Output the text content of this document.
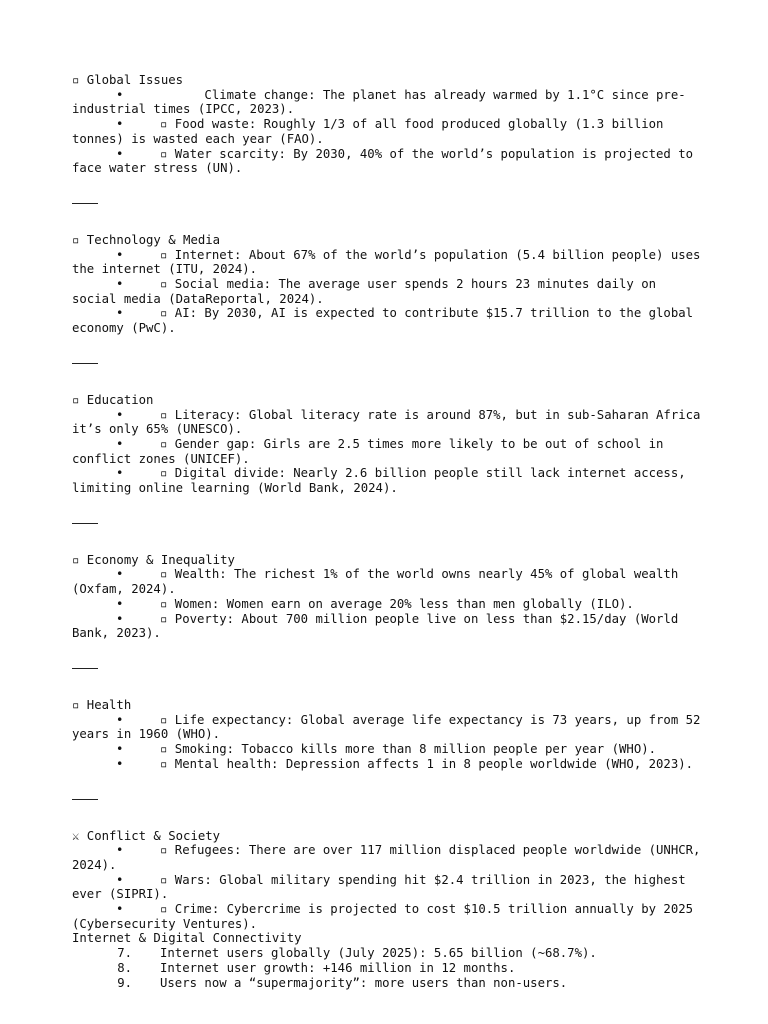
▫ Global Issues
•	Climate change: The planet has already warmed by 1.1°C since pre-industrial times (IPCC, 2023).
•	▫ Food waste: Roughly 1/3 of all food produced globally (1.3 billion tonnes) is wasted each year (FAO).
•	▫ Water scarcity: By 2030, 40% of the world’s population is projected to face water stress (UN).
▫ Technology & Media
•	▫ Internet: About 67% of the world’s population (5.4 billion people) uses the internet (ITU, 2024).
•	▫ Social media: The average user spends 2 hours 23 minutes daily on social media (DataReportal, 2024).
•	▫ AI: By 2030, AI is expected to contribute $15.7 trillion to the global economy (PwC).
▫ Education
•	▫ Literacy: Global literacy rate is around 87%, but in sub-Saharan Africa it’s only 65% (UNESCO).
•	▫ Gender gap: Girls are 2.5 times more likely to be out of school in conflict zones (UNICEF).
•	▫ Digital divide: Nearly 2.6 billion people still lack internet access, limiting online learning (World Bank, 2024).
▫ Economy & Inequality
•	▫ Wealth: The richest 1% of the world owns nearly 45% of global wealth (Oxfam, 2024).
•	▫ Women: Women earn on average 20% less than men globally (ILO).
•	▫ Poverty: About 700 million people live on less than $2.15/day (World Bank, 2023).
▫ Health
•	▫ Life expectancy: Global average life expectancy is 73 years, up from 52 years in 1960 (WHO).
•	▫ Smoking: Tobacco kills more than 8 million people per year (WHO).
•	▫ Mental health: Depression affects 1 in 8 people worldwide (WHO, 2023).
⚔ Conflict & Society
•	▫ Refugees: There are over 117 million displaced people worldwide (UNHCR, 2024).
•	▫ Wars: Global military spending hit $2.4 trillion in 2023, the highest ever (SIPRI).
•	▫ Crime: Cybercrime is projected to cost $10.5 trillion annually by 2025 (Cybersecurity Ventures).
Internet & Digital Connectivity
7.	Internet users globally (July 2025): 5.65 billion (~68.7%).
8.	Internet user growth: +146 million in 12 months.
9.	Users now a “supermajority”: more users than non-users.
